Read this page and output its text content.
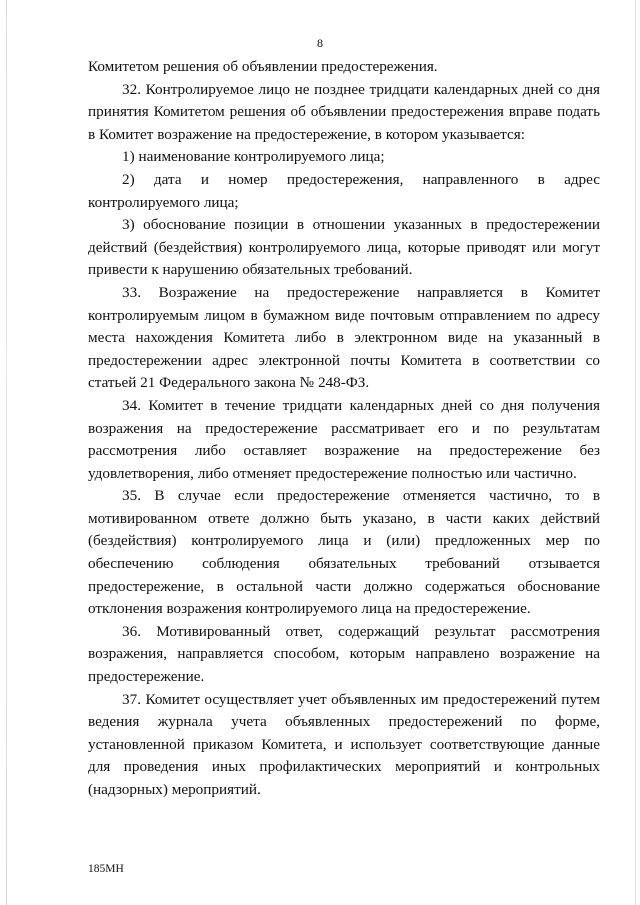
8

Комитетом решения об объявлении предостережения.

32. Контролируемое лицо не позднее тридцати календарных дней со дня принятия Комитетом решения об объявлении предостережения вправе подать в Комитет возражение на предостережение, в котором указывается:

1) наименование контролируемого лица;

2) дата и номер предостережения, направленного в адрес контролируемого лица;

3) обоснование позиции в отношении указанных в предостережении действий (бездействия) контролируемого лица, которые приводят или могут привести к нарушению обязательных требований.

33. Возражение на предостережение направляется в Комитет контролируемым лицом в бумажном виде почтовым отправлением по адресу места нахождения Комитета либо в электронном виде на указанный в предостережении адрес электронной почты Комитета в соответствии со статьей 21 Федерального закона № 248-ФЗ.

34. Комитет в течение тридцати календарных дней со дня получения возражения на предостережение рассматривает его и по результатам рассмотрения либо оставляет возражение на предостережение без удовлетворения, либо отменяет предостережение полностью или частично.

35. В случае если предостережение отменяется частично, то в мотивированном ответе должно быть указано, в части каких действий (бездействия) контролируемого лица и (или) предложенных мер по обеспечению соблюдения обязательных требований отзывается предостережение, в остальной части должно содержаться обоснование отклонения возражения контролируемого лица на предостережение.

36. Мотивированный ответ, содержащий результат рассмотрения возражения, направляется способом, которым направлено возражение на предостережение.

37. Комитет осуществляет учет объявленных им предостережений путем ведения журнала учета объявленных предостережений по форме, установленной приказом Комитета, и использует соответствующие данные для проведения иных профилактических мероприятий и контрольных (надзорных) мероприятий.

185МН
